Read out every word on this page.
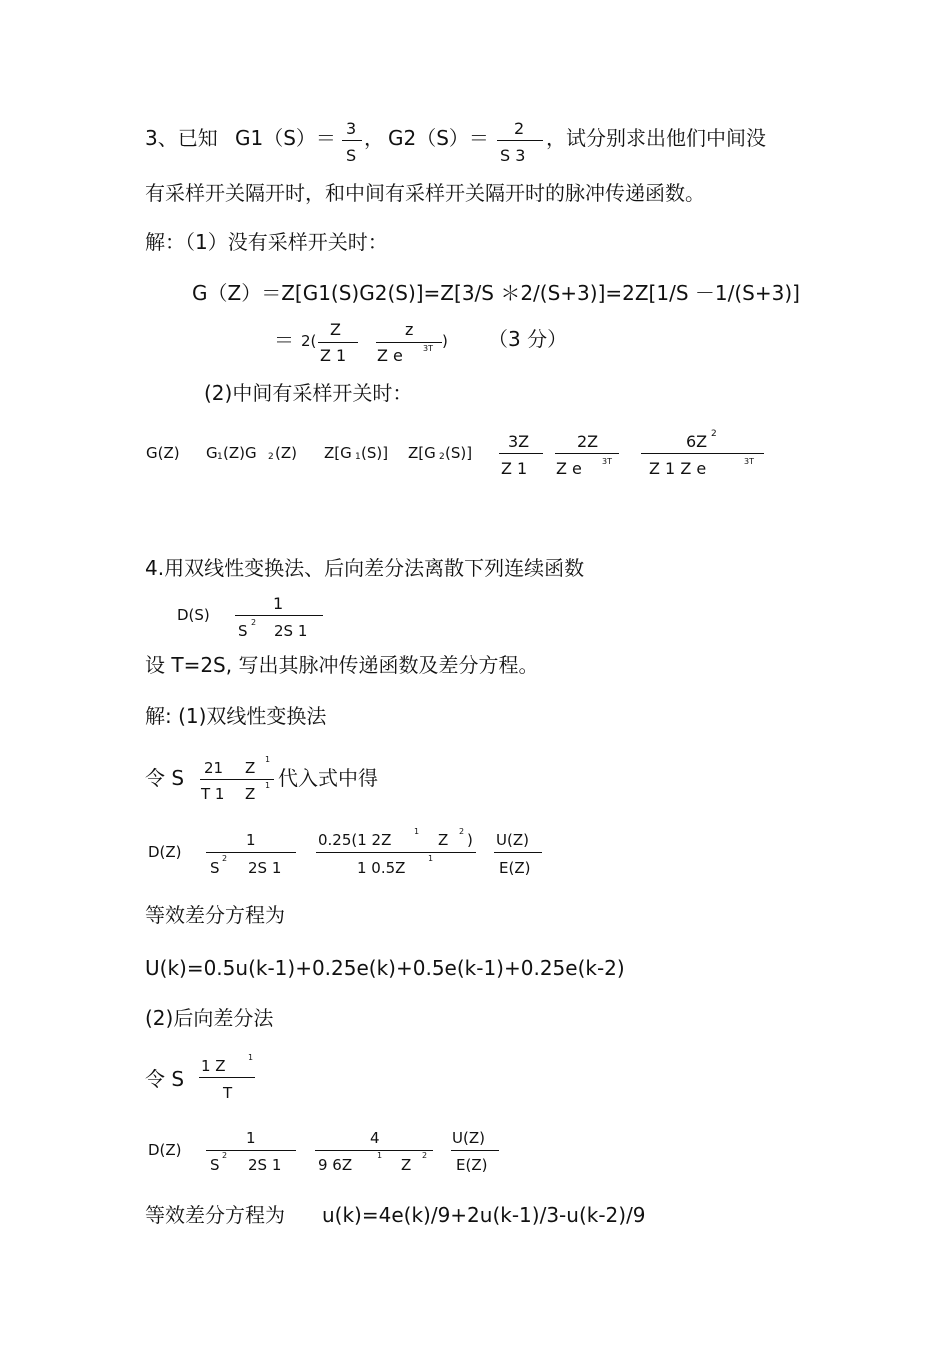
3、已知 G1（S）＝ 3
S
， G2（S）＝ 2
S 3
，试分别求出他们中间没
有采样开关隔开时，和中间有采样开关隔开时的脉冲传递函数。
解：（1）没有采样开关时：
G（Z）＝Z[G1(S)G2(S)]=Z[3/S ＊2/(S+3)]=2Z[1/S －1/(S+3)]
＝ 2(
Z
Z 1
z
Z e	3T ) （3 分）
(2)中间有采样开关时：
G(Z) G 1 (Z)G 2 (Z) Z[G 1 (S)] Z[G 2 (S)]
3Z
Z 1
2Z
Z e	3T
6Z 2
Z 1 Z e	3T
4.用双线性变换法、后向差分法离散下列连续函数
D(S)
1
S 2 2S 1
设 T=2S, 写出其脉冲传递函数及差分方程。
解: (1)双线性变换法
令 S 21 Z 1
T 1 Z 1 代入式中得
D(Z)
1
S
2
2S 1
0.25(1 2Z	1 Z 2 )
1 0.5Z
1
U(Z)
E(Z)
等效差分方程为
U(k)=0.5u(k-1)+0.25e(k)+0.5e(k-1)+0.25e(k-2)
(2)后向差分法
令 S
1 Z	1
T
D(Z)
1
S
2
2S 1
4
9 6Z
1
Z
2
U(Z)
E(Z)
等效差分方程为 u(k)=4e(k)/9+2u(k-1)/3-u(k-2)/9
